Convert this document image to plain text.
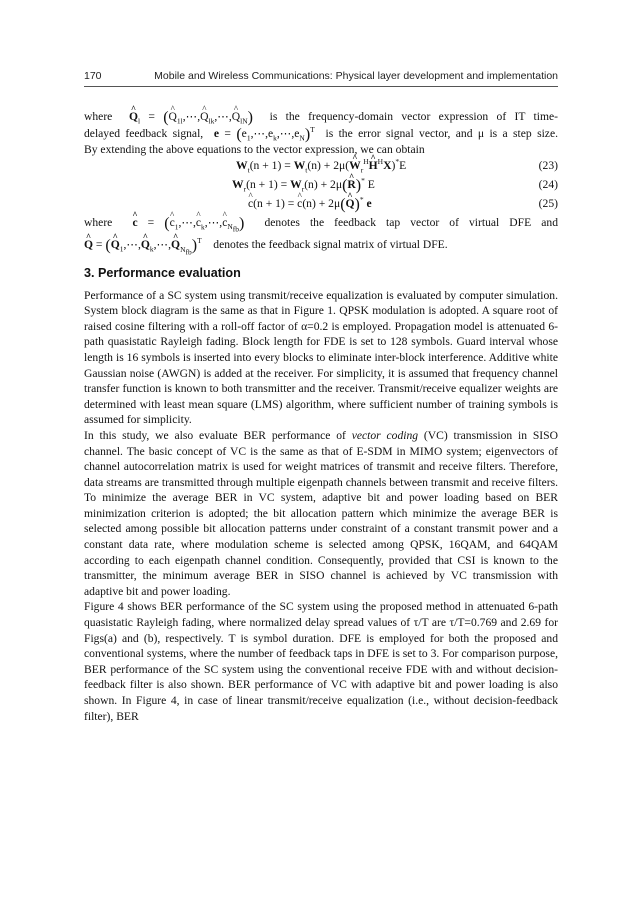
170	Mobile and Wireless Communications: Physical layer development and implementation
where ^ $Q_l$ = (^ $Q_{1l},\cdots,\^{}$ $Q_{lk},\cdots,\^{}$ $Q_{lN}$) is the frequency-domain vector expression of IT time-
delayed feedback signal, $e = (e_1,\cdots,e_k,\cdots,e_N)^T$ is the error signal vector, and μ is a step size.
By extending the above equations to the vector expression, we can obtain
$W_t(n + 1) = W_t(n)$ + 2μ(^ $W_r^H\^{}$ $H^HX)^*E$	(23)
$W_r(n + 1) = W_r(n)$ + 2μ(^ R)* E	(24)
^ c(n + 1) = ^ c(n) + 2μ(^ Q)* e	(25)
where ^ c = (^ $c_1,\cdots,\^{}$ $c_k,\cdots,\^{}$ $c_{N_{fb}}$) denotes the feedback tap vector of virtual DFE and
^ Q = (^ $Q_1,\cdots,\^{}$ $Q_k,\cdots,\^{}$ $Q_{N_{fb}})^T$ denotes the feedback signal matrix of virtual DFE.
3. Performance evaluation
Performance of a SC system using transmit/receive equalization is evaluated by computer simulation. System block diagram is the same as that in Figure 1. QPSK modulation is adopted. A square root of raised cosine filtering with a roll-off factor of α=0.2 is employed. Propagation model is attenuated 6-path quasistatic Rayleigh fading. Block length for FDE is set to 128 symbols. Guard interval whose length is 16 symbols is inserted into every blocks to eliminate inter-block interference. Additive white Gaussian noise (AWGN) is added at the receiver. For simplicity, it is assumed that frequency channel transfer function is known to both transmitter and the receiver. Transmit/receive equalizer weights are determined with least mean square (LMS) algorithm, where sufficient number of training symbols is assumed for simplicity.
In this study, we also evaluate BER performance of vector coding (VC) transmission in SISO channel. The basic concept of VC is the same as that of E-SDM in MIMO system; eigenvectors of channel autocorrelation matrix is used for weight matrices of transmit and receive filters. Therefore, data streams are transmitted through multiple eigenpath channels between transmit and receive filters. To minimize the average BER in VC system, adaptive bit and power loading based on BER minimization criterion is adopted; the bit allocation pattern which minimize the average BER is selected among possible bit allocation patterns under constraint of a constant transmit power and a constant data rate, where modulation scheme is selected among QPSK, 16QAM, and 64QAM according to each eigenpath channel condition. Consequently, provided that CSI is known to the transmitter, the minimum average BER in SISO channel is achieved by VC transmission with adaptive bit and power loading.
Figure 4 shows BER performance of the SC system using the proposed method in attenuated 6-path quasistatic Rayleigh fading, where normalized delay spread values of τ/T are τ/T=0.769 and 2.69 for Figs(a) and (b), respectively. T is symbol duration. DFE is employed for both the proposed and conventional systems, where the number of feedback taps in DFE is set to 3. For comparison purpose, BER performance of the SC system using the conventional receive FDE with and without decision-feedback filter is also shown. BER performance of VC with adaptive bit and power loading is also shown. In Figure 4, in case of linear transmit/receive equalization (i.e., without decision-feedback filter), BER
